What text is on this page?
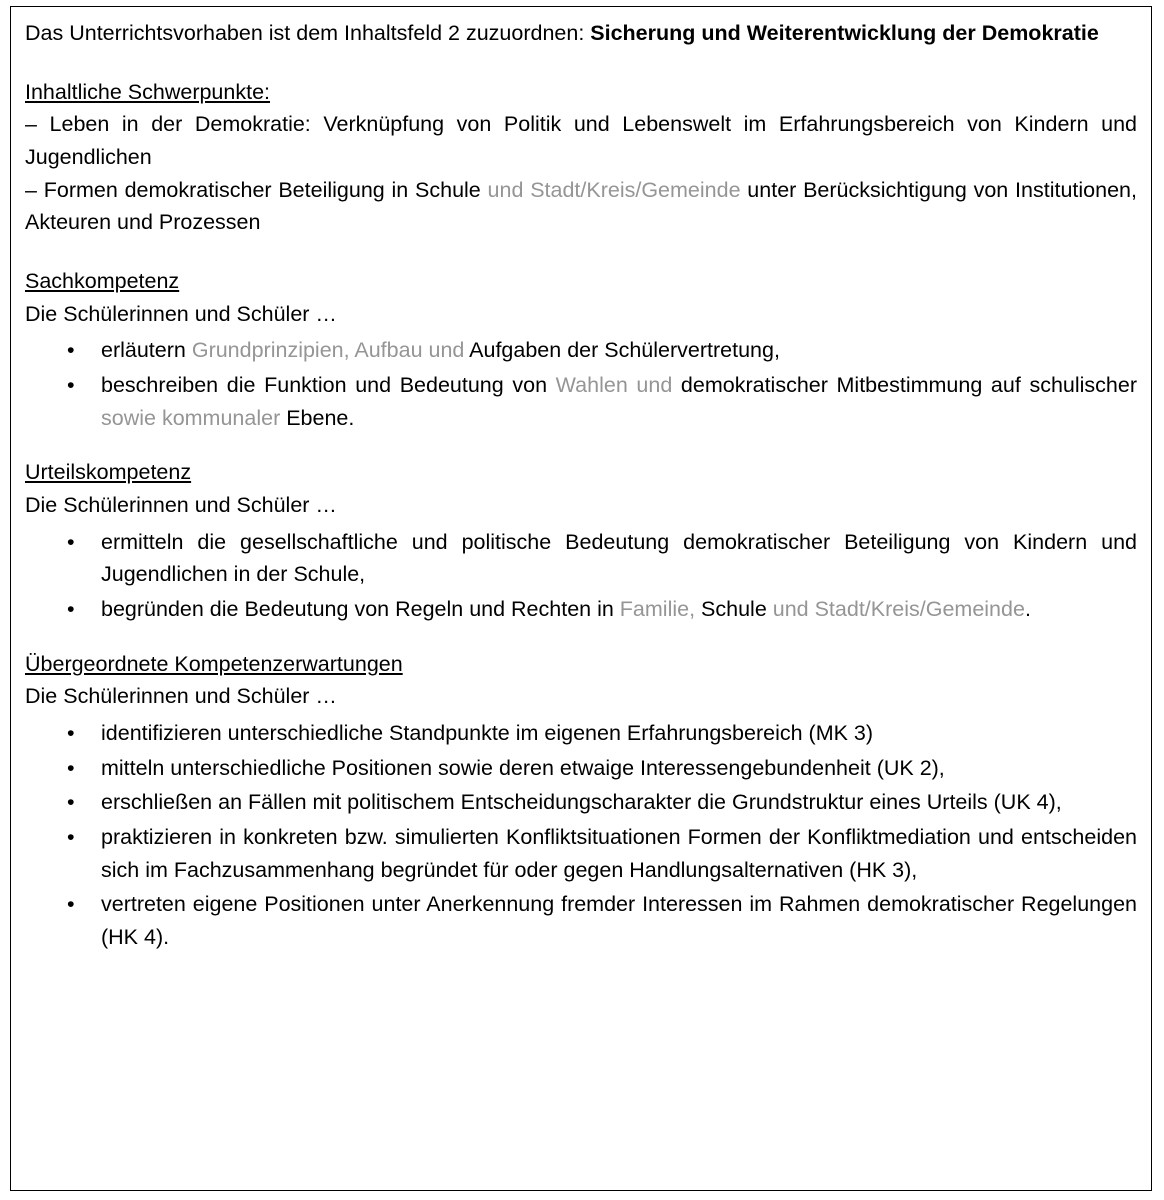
Das Unterrichtsvorhaben ist dem Inhaltsfeld 2 zuzuordnen: Sicherung und Weiterentwicklung der Demokratie

Inhaltliche Schwerpunkte:

– Leben in der Demokratie: Verknüpfung von Politik und Lebenswelt im Erfahrungsbereich von Kindern und Jugendlichen

– Formen demokratischer Beteiligung in Schule und Stadt/Kreis/Gemeinde unter Berücksichtigung von Institutionen, Akteuren und Prozessen

Sachkompetenz

Die Schülerinnen und Schüler …

• erläutern Grundprinzipien, Aufbau und Aufgaben der Schülervertretung,
• beschreiben die Funktion und Bedeutung von Wahlen und demokratischer Mitbestimmung auf schulischer sowie kommunaler Ebene.

Urteilskompetenz

Die Schülerinnen und Schüler …

• ermitteln die gesellschaftliche und politische Bedeutung demokratischer Beteiligung von Kindern und Jugendlichen in der Schule,
• begründen die Bedeutung von Regeln und Rechten in Familie, Schule und Stadt/Kreis/Gemeinde.

Übergeordnete Kompetenzerwartungen

Die Schülerinnen und Schüler …

• identifizieren unterschiedliche Standpunkte im eigenen Erfahrungsbereich (MK 3)
• mitteln unterschiedliche Positionen sowie deren etwaige Interessengebundenheit (UK 2),
• erschließen an Fällen mit politischem Entscheidungscharakter die Grundstruktur eines Urteils (UK 4),
• praktizieren in konkreten bzw. simulierten Konfliktsituationen Formen der Konfliktmediation und entscheiden sich im Fachzusammenhang begründet für oder gegen Handlungsalternativen (HK 3),
• vertreten eigene Positionen unter Anerkennung fremder Interessen im Rahmen demokratischer Regelungen (HK 4).
